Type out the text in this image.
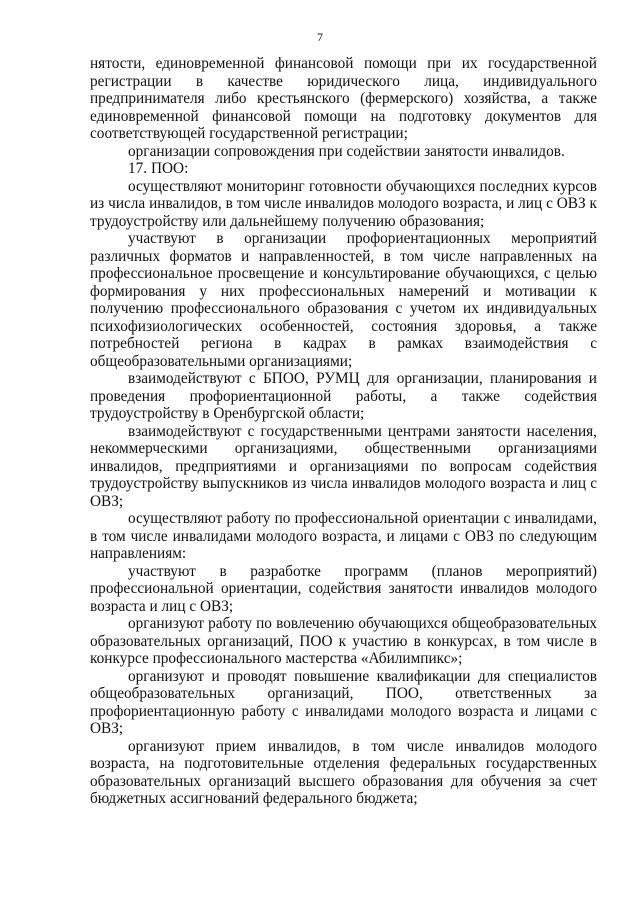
7

нятости, единовременной финансовой помощи при их государственной регистрации в качестве юридического лица, индивидуального предпринимателя либо крестьянского (фермерского) хозяйства, а также единовременной финансовой помощи на подготовку документов для соответствующей государственной регистрации;

организации сопровождения при содействии занятости инвалидов.

17. ПОО:

осуществляют мониторинг готовности обучающихся последних курсов из числа инвалидов, в том числе инвалидов молодого возраста, и лиц с ОВЗ к трудоустройству или дальнейшему получению образования;

участвуют в организации профориентационных мероприятий различных форматов и направленностей, в том числе направленных на профессиональное просвещение и консультирование обучающихся, с целью формирования у них профессиональных намерений и мотивации к получению профессионального образования с учетом их индивидуальных психофизиологических особенностей, состояния здоровья, а также потребностей региона в кадрах в рамках взаимодействия с общеобразовательными организациями;

взаимодействуют с БПОО, РУМЦ для организации, планирования и проведения профориентационной работы, а также содействия трудоустройству в Оренбургской области;

взаимодействуют с государственными центрами занятости населения, некоммерческими организациями, общественными организациями инвалидов, предприятиями и организациями по вопросам содействия трудоустройству выпускников из числа инвалидов молодого возраста и лиц с ОВЗ;

осуществляют работу по профессиональной ориентации с инвалидами, в том числе инвалидами молодого возраста, и лицами с ОВЗ по следующим направлениям:

участвуют в разработке программ (планов мероприятий) профессиональной ориентации, содействия занятости инвалидов молодого возраста и лиц с ОВЗ;

организуют работу по вовлечению обучающихся общеобразовательных образовательных организаций, ПОО к участию в конкурсах, в том числе в конкурсе профессионального мастерства «Абилимпикс»;

организуют и проводят повышение квалификации для специалистов общеобразовательных организаций, ПОО, ответственных за профориентационную работу с инвалидами молодого возраста и лицами с ОВЗ;

организуют прием инвалидов, в том числе инвалидов молодого возраста, на подготовительные отделения федеральных государственных образовательных организаций высшего образования для обучения за счет бюджетных ассигнований федерального бюджета;
